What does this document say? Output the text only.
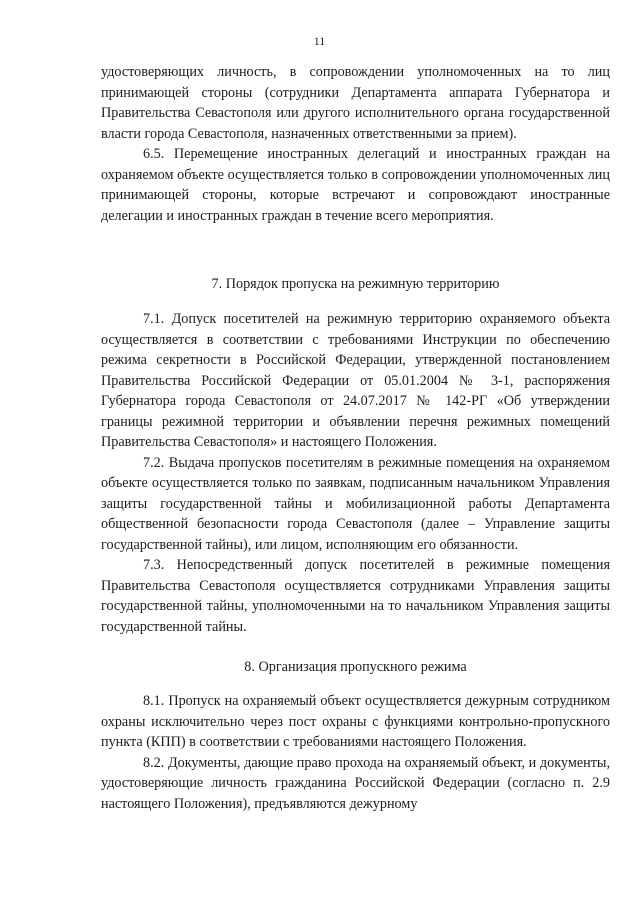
11

удостоверяющих личность, в сопровождении уполномоченных на то лиц принимающей стороны (сотрудники Департамента аппарата Губернатора и Правительства Севастополя или другого исполнительного органа государственной власти города Севастополя, назначенных ответственными за прием).

6.5. Перемещение иностранных делегаций и иностранных граждан на охраняемом объекте осуществляется только в сопровождении уполномоченных лиц принимающей стороны, которые встречают и сопровождают иностранные делегации и иностранных граждан в течение всего мероприятия.

7. Порядок пропуска на режимную территорию

7.1. Допуск посетителей на режимную территорию охраняемого объекта осуществляется в соответствии с требованиями Инструкции по обеспечению режима секретности в Российской Федерации, утвержденной постановлением Правительства Российской Федерации от 05.01.2004 № 3-1, распоряжения Губернатора города Севастополя от 24.07.2017 № 142-РГ «Об утверждении границы режимной территории и объявлении перечня режимных помещений Правительства Севастополя» и настоящего Положения.

7.2. Выдача пропусков посетителям в режимные помещения на охраняемом объекте осуществляется только по заявкам, подписанным начальником Управления защиты государственной тайны и мобилизационной работы Департамента общественной безопасности города Севастополя (далее – Управление защиты государственной тайны), или лицом, исполняющим его обязанности.

7.3. Непосредственный допуск посетителей в режимные помещения Правительства Севастополя осуществляется сотрудниками Управления защиты государственной тайны, уполномоченными на то начальником Управления защиты государственной тайны.

8. Организация пропускного режима

8.1. Пропуск на охраняемый объект осуществляется дежурным сотрудником охраны исключительно через пост охраны с функциями контрольно-пропускного пункта (КПП) в соответствии с требованиями настоящего Положения.

8.2. Документы, дающие право прохода на охраняемый объект, и документы, удостоверяющие личность гражданина Российской Федерации (согласно п. 2.9 настоящего Положения), предъявляются дежурному
